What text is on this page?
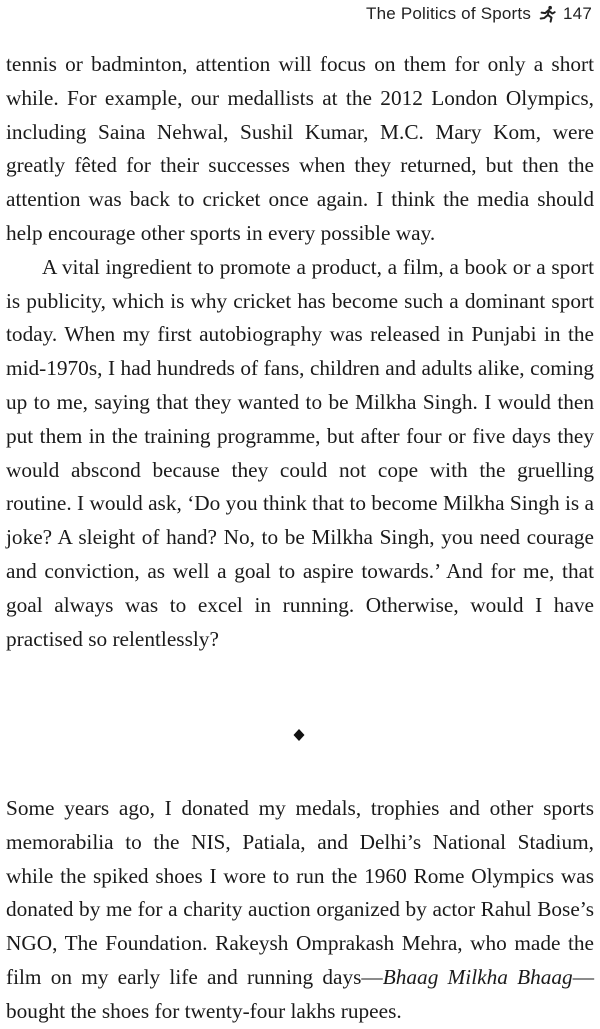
The Politics of Sports 147

tennis or badminton, attention will focus on them for only a short while. For example, our medallists at the 2012 London Olympics, including Saina Nehwal, Sushil Kumar, M.C. Mary Kom, were greatly fêted for their successes when they returned, but then the attention was back to cricket once again. I think the media should help encourage other sports in every possible way.

A vital ingredient to promote a product, a film, a book or a sport is publicity, which is why cricket has become such a dominant sport today. When my first autobiography was released in Punjabi in the mid-1970s, I had hundreds of fans, children and adults alike, coming up to me, saying that they wanted to be Milkha Singh. I would then put them in the training programme, but after four or five days they would abscond because they could not cope with the gruelling routine. I would ask, ‘Do you think that to become Milkha Singh is a joke? A sleight of hand? No, to be Milkha Singh, you need courage and conviction, as well a goal to aspire towards.’ And for me, that goal always was to excel in running. Otherwise, would I have practised so relentlessly?

Some years ago, I donated my medals, trophies and other sports memorabilia to the NIS, Patiala, and Delhi’s National Stadium, while the spiked shoes I wore to run the 1960 Rome Olympics was donated by me for a charity auction organized by actor Rahul Bose’s NGO, The Foundation. Rakeysh Omprakash Mehra, who made the film on my early life and running days—Bhaag Milkha Bhaag—bought the shoes for twenty-four lakhs rupees.
